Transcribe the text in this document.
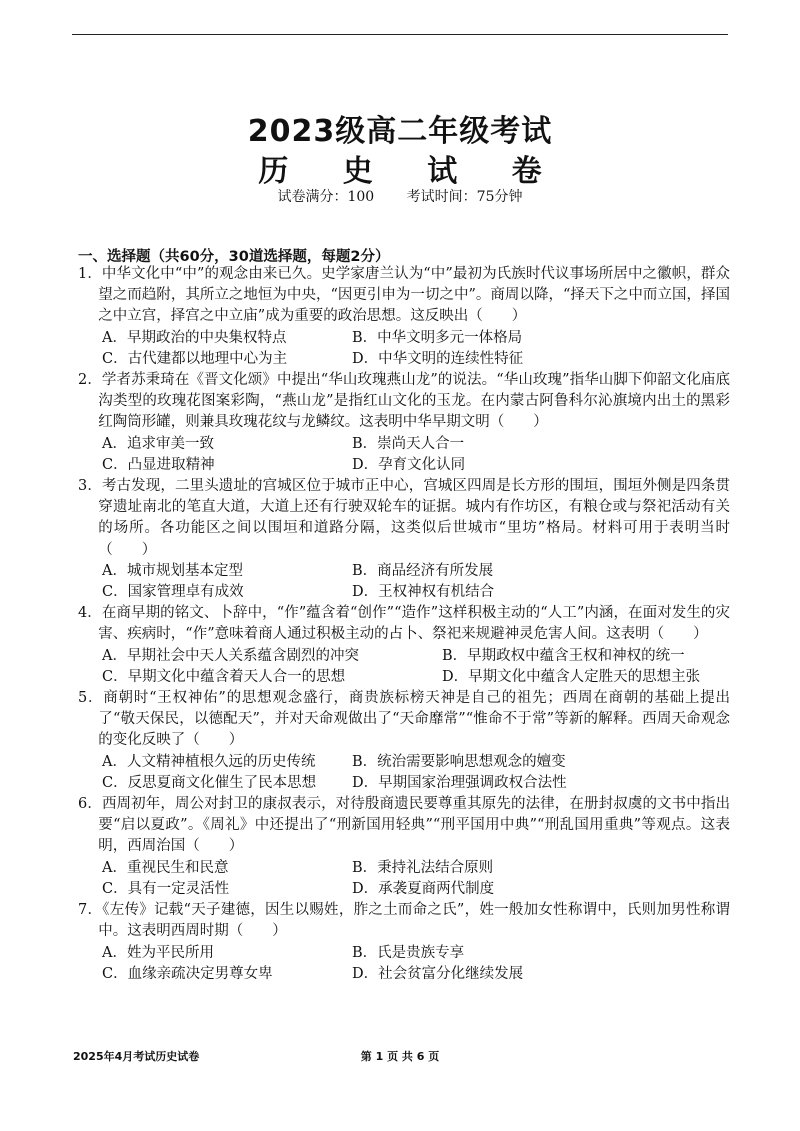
2023级高二年级考试
历 史 试 卷
试卷满分：100 考试时间：75分钟
一、选择题（共60分，30道选择题，每题2分）
1．中华文化中“中”的观念由来已久。史学家唐兰认为“中”最初为氏族时代议事场所居中之徽帜，群众望之而趋附，其所立之地恒为中央，“因更引申为一切之中”。商周以降，“择天下之中而立国，择国之中立宫，择宫之中立庙”成为重要的政治思想。这反映出（　　）
A．早期政治的中央集权特点	B．中华文明多元一体格局
C．古代建都以地理中心为主	D．中华文明的连续性特征
2．学者苏秉琦在《晋文化颂》中提出“华山玫瑰燕山龙”的说法。“华山玫瑰”指华山脚下仰韶文化庙底沟类型的玫瑰花图案彩陶，“燕山龙”是指红山文化的玉龙。在内蒙古阿鲁科尔沁旗境内出土的黑彩红陶筒形罐，则兼具玫瑰花纹与龙鳞纹。这表明中华早期文明（　　）
A．追求审美一致	B．崇尚天人合一
C．凸显进取精神	D．孕育文化认同
3．考古发现，二里头遗址的宫城区位于城市正中心，宫城区四周是长方形的围垣，围垣外侧是四条贯穿遗址南北的笔直大道，大道上还有行驶双轮车的证据。城内有作坊区，有粮仓或与祭祀活动有关的场所。各功能区之间以围垣和道路分隔，这类似后世城市“里坊”格局。材料可用于表明当时（　　）
A．城市规划基本定型	B．商品经济有所发展
C．国家管理卓有成效	D．王权神权有机结合
4．在商早期的铭文、卜辞中，“作”蕴含着“创作”“造作”这样积极主动的“人工”内涵，在面对发生的灾害、疾病时，“作”意味着商人通过积极主动的占卜、祭祀来规避神灵危害人间。这表明（　　）
A．早期社会中天人关系蕴含剧烈的冲突	B．早期政权中蕴含王权和神权的统一
C．早期文化中蕴含着天人合一的思想	D．早期文化中蕴含人定胜天的思想主张
5．商朝时“王权神佑”的思想观念盛行，商贵族标榜天神是自己的祖先；西周在商朝的基础上提出了“敬天保民，以德配天”，并对天命观做出了“天命靡常”“惟命不于常”等新的解释。西周天命观念的变化反映了（　　）
A．人文精神植根久远的历史传统	B．统治需要影响思想观念的嬗变
C．反思夏商文化催生了民本思想	D．早期国家治理强调政权合法性
6．西周初年，周公对封卫的康叔表示，对待殷商遗民要尊重其原先的法律，在册封叔虞的文书中指出要“启以夏政”。《周礼》中还提出了“刑新国用轻典”“刑平国用中典”“刑乱国用重典”等观点。这表明，西周治国（　　）
A．重视民生和民意	B．秉持礼法结合原则
C．具有一定灵活性	D．承袭夏商两代制度
7．《左传》记载“天子建德，因生以赐姓，胙之土而命之氏”，姓一般加女性称谓中，氏则加男性称谓中。这表明西周时期（　　）
A．姓为平民所用	B．氏是贵族专享
C．血缘亲疏决定男尊女卑	D．社会贫富分化继续发展
2025年4月考试历史试卷	第 1 页 共 6 页
